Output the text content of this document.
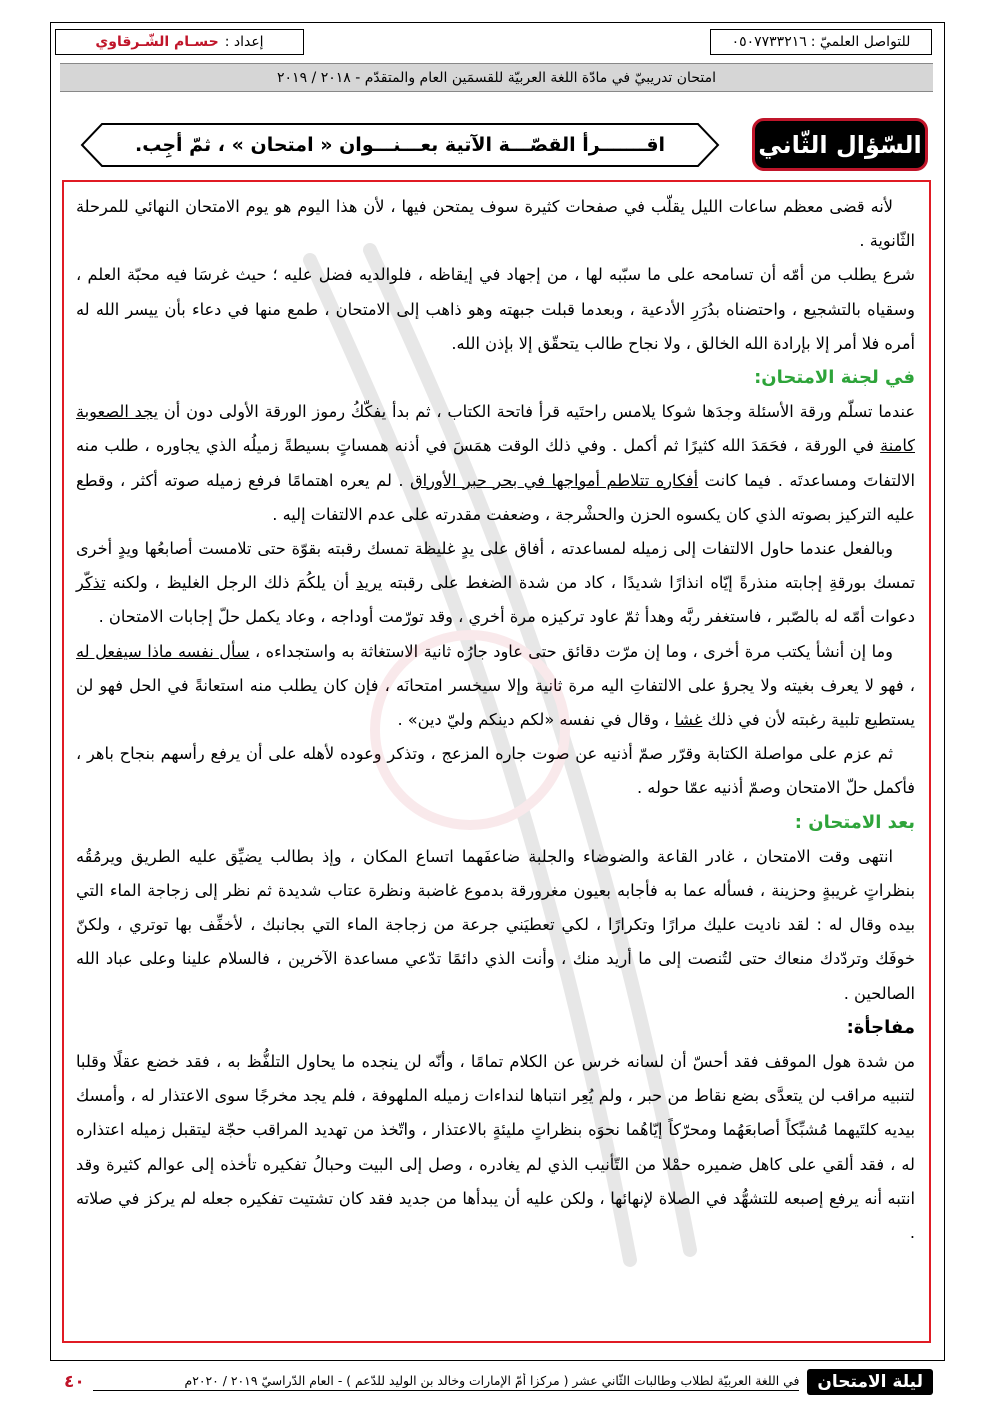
للتواصل العلميّ :
٠٥٠٧٧٣٣٢١٦
إعداد :
حسـام الشّـرقاوي
امتحان تدريبيّ في مادّة اللغة العربيّة للقسمَين العام والمتقدّم - ٢٠١٨ / ٢٠١٩
السّؤال الثّاني
اقـــــــرأ القصّـــة الآتية بعـــنـــوان « امتحان » ، ثمّ أجِب.

لأنه قضى معظم ساعات الليل يقلّب في صفحات كثيرة سوف يمتحن فيها ، لأن هذا اليوم هو يوم الامتحان النهائي للمرحلة الثّانوية .

شرع يطلب من أمّه أن تسامحه على ما سبّبه لها ، من إجهاد في إيقاظه ، فلوالديه فضل عليه ؛ حيث غرسَا فيه محبّة العلم ، وسقياه بالتشجيع ، واحتضناه بدُرَرِ الأدعية ، وبعدما قبلت جبهته وهو ذاهب إلى الامتحان ، طمع منها في دعاء بأن ييسر الله له أمره فلا أمر إلا بإرادة الله الخالق ، ولا نجاح طالب يتحقّق إلا بإذن الله.

في لجنة الامتحان:

عندما تسلّم ورقة الأسئلة وجدَها شوكا يلامس راحتَيه قرأ فاتحة الكتاب ، ثم بدأ يفكّكُ رموز الورقة الأولى دون أن يجد الصعوبة كامنة في الورقة ، فحَمَدَ الله كثيرًا ثم أكمل . وفي ذلك الوقت همَسَ في أذنه همساتٍ بسيطةً زميلُه الذي يجاوره ، طلب منه الالتفاتَ ومساعدتَه . فيما كانت أفكاره تتلاطم أمواجها في بحر حبر الأوراق . لم يعره اهتمامًا فرفع زميله صوته أكثر ، وقطع عليه التركيز بصوته الذي كان يكسوه الحزن والحشْرجة ، وضعفت مقدرته على عدم الالتفات إليه .

وبالفعل عندما حاول الالتفات إلى زميله لمساعدته ، أفاق على يدٍ غليظة تمسك رقبته بقوّة حتى تلامست أصابعُها ويدٍ أخرى تمسك بورقةِ إجابته منذرةً إيّاه انذارًا شديدًا ، كاد من شدة الضغط على رقبته يريد أن يلكُمَ ذلك الرجل الغليظ ، ولكنه تذكّر دعوات أمّه له بالصّبر ، فاستغفر ربَّه وهدأ ثمّ عاود تركيزه مرة أخري ، وقد تورّمت أوداجه ، وعاد يكمل حلّ إجابات الامتحان .

وما إن أنشأ يكتب مرة أخرى ، وما إن مرّت دقائق حتى عاود جارُه ثانية الاستغاثة به واستجداءه ، سأل نفسه ماذا سيفعل له ، فهو لا يعرف بغيته ولا يجرؤ على الالتفاتِ اليه مرة ثانية وإلا سيخسر امتحانَه ، فإن كان يطلب منه استعانةً في الحل فهو لن يستطيع تلبية رغبته لأن في ذلك غشا ، وقال في نفسه «لكم دينكم وليّ دين» .

ثم عزم على مواصلة الكتابة وقرّر صمّ أذنيه عن صوت جاره المزعج ، وتذكر وعوده لأهله على أن يرفع رأسهم بنجاح باهر ، فأكمل حلّ الامتحان وصمّ أذنيه عمّا حوله .

بعد الامتحان :

انتهى وقت الامتحان ، غادر القاعة والضوضاء والجلبة ضاعفَهما اتساع المكان ، وإذ بطالب يضيِّق عليه الطريق ويرمُقُه بنظراتٍ غريبةٍ وحزينة ، فسأله عما به فأجابه بعيون مغرورقة بدموع غاضبة ونظرة عتاب شديدة ثم نظر إلى زجاجة الماء التي بيده وقال له : لقد ناديت عليك مرارًا وتكرارًا ، لكي تعطيَني جرعة من زجاجة الماء التي بجانبك ، لأخفِّف بها توتري ، ولكنّ خوفَك وتردّدك منعاك حتى لتُنصت إلى ما أريد منك ، وأنت الذي دائمًا تدّعي مساعدة الآخرين ، فالسلام علينا وعلى عباد الله الصالحين .

مفاجأة:

من شدة هول الموقف فقد أحسّ أن لسانه خرس عن الكلام تمامًا ، وأنّه لن ينجده ما يحاول التلفُّظ به ، فقد خضع عقلًا وقلبا لتنبيه مراقب لن يتعدَّى بضع نقاط من حبر ، ولم يُعِر انتباها لنداءات زميله الملهوفة ، فلم يجد مخرجًا سوى الاعتذار له ، وأمسك بيديه كلتَيهما مُشبِّكاً أصابعَهُما ومحرّكاً إيّاهُما نحوَه بنظراتٍ مليئةٍ بالاعتذار ، واتّخذ من تهديد المراقب حجّة ليتقبل زميله اعتذاره له ، فقد ألقي على كاهل ضميره حمْلا من التّأنيب الذي لم يغادره ، وصل إلى البيت وحبالُ تفكيره تأخذه إلى عوالم كثيرة وقد انتبه أنه يرفع إصبعه للتشهُّد في الصلاة لإنهائها ، ولكن عليه أن يبدأها من جديد فقد كان تشتيت تفكيره جعله لم يركز في صلاته .

ليلة الامتحان
في اللغة العربيّة لطلاب وطالبات الثّاني عشر ( مركزا أمّ الإمارات وخالد بن الوليد للدّعم ) - العام الدّراسيّ ٢٠١٩ / ٢٠٢٠م
٤٠
